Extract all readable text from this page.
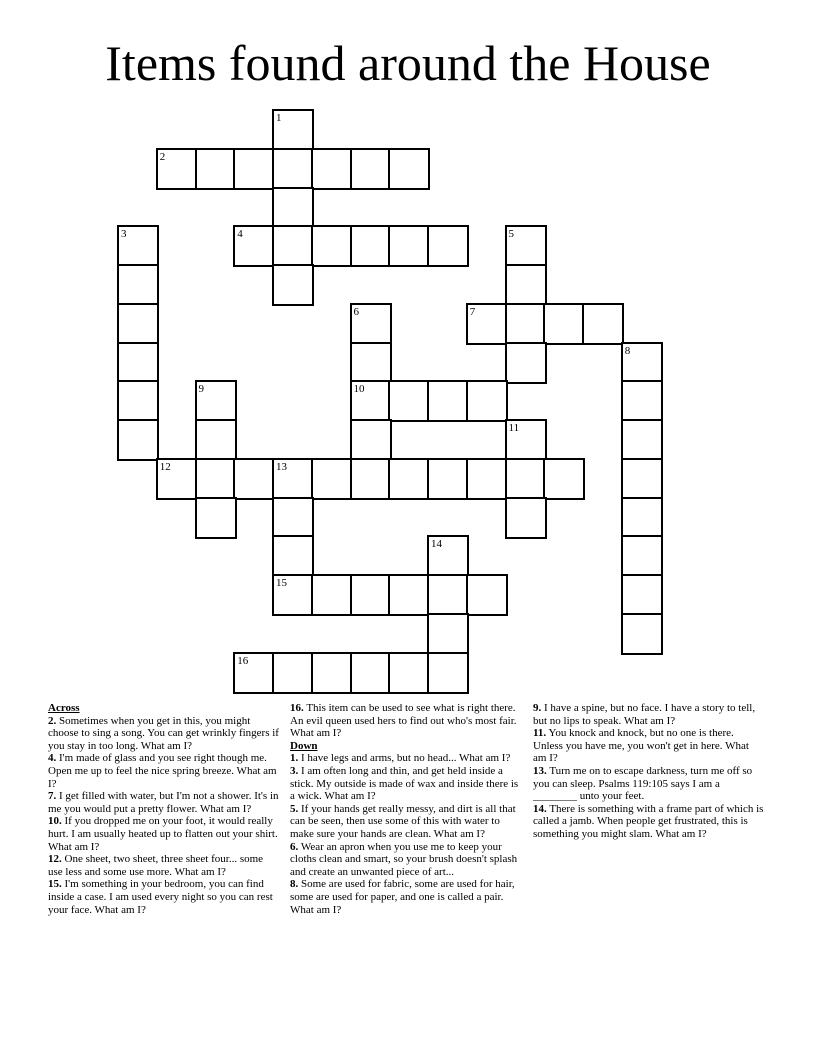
Items found around the House
1
2
3	4	5
6	7
8
9	10
11
12	13
14
15
16

Across

2. Sometimes when you get in this, you might choose to sing a song. You can get wrinkly fingers if you stay in too long. What am I?

4. I'm made of glass and you see right though me. Open me up to feel the nice spring breeze. What am I?

7. I get filled with water, but I'm not a shower. It's in me you would put a pretty flower. What am I?

10. If you dropped me on your foot, it would really hurt. I am usually heated up to flatten out your shirt. What am I?

12. One sheet, two sheet, three sheet four... some use less and some use more. What am I?

15. I'm something in your bedroom, you can find inside a case. I am used every night so you can rest your face. What am I?

16. This item can be used to see what is right there. An evil queen used hers to find out who's most fair. What am I?

Down

1. I have legs and arms, but no head... What am I?

3. I am often long and thin, and get held inside a stick. My outside is made of wax and inside there is a wick. What am I?

5. If your hands get really messy, and dirt is all that can be seen, then use some of this with water to make sure your hands are clean. What am I?

6. Wear an apron when you use me to keep your cloths clean and smart, so your brush doesn't splash and create an unwanted piece of art...

8. Some are used for fabric, some are used for hair, some are used for paper, and one is called a pair. What am I?

9. I have a spine, but no face. I have a story to tell, but no lips to speak. What am I?

11. You knock and knock, but no one is there. Unless you have me, you won't get in here. What am I?

13. Turn me on to escape darkness, turn me off so you can sleep. Psalms 119:105 says I am a ________ unto your feet.

14. There is something with a frame part of which is called a jamb. When people get frustrated, this is something you might slam. What am I?
